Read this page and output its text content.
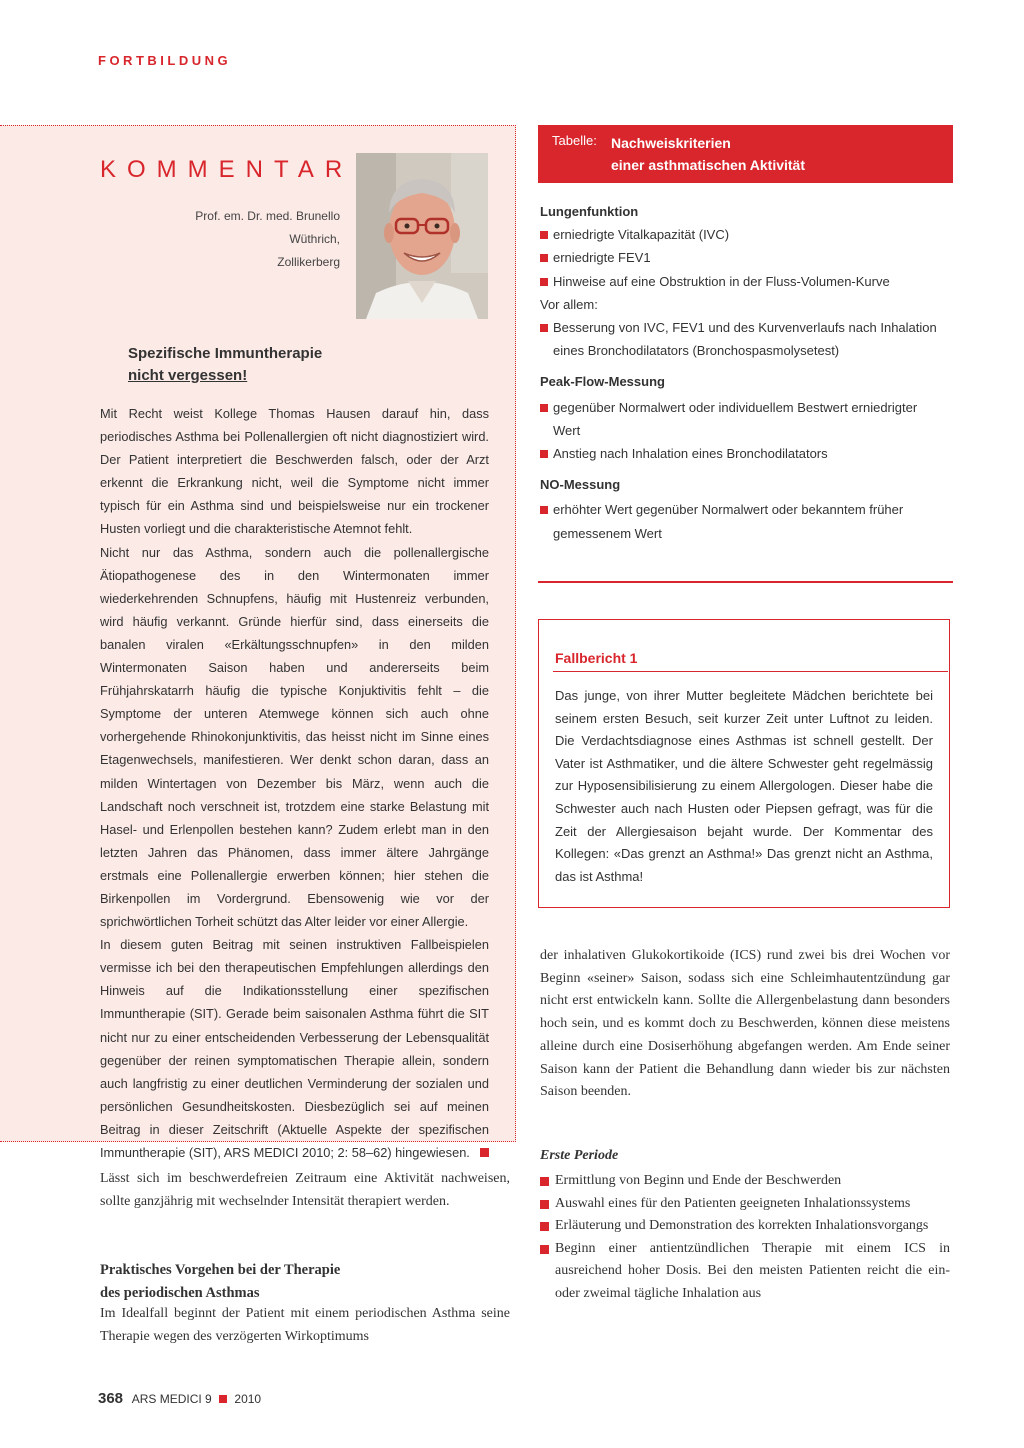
FORTBILDUNG
KOMMENTAR
Prof. em. Dr. med. Brunello Wüthrich,
Zollikerberg
Spezifische Immuntherapie
nicht vergessen!

Mit Recht weist Kollege Thomas Hausen darauf hin, dass periodisches Asthma bei Pollenallergien oft nicht diagnostiziert wird. Der Patient interpretiert die Beschwerden falsch, oder der Arzt erkennt die Erkrankung nicht, weil die Symptome nicht immer typisch für ein Asthma sind und beispielsweise nur ein trockener Husten vorliegt und die charakteristische Atemnot fehlt.

Nicht nur das Asthma, sondern auch die pollenallergische Ätiopathogenese des in den Wintermonaten immer wiederkehrenden Schnupfens, häufig mit Hustenreiz verbunden, wird häufig verkannt. Gründe hierfür sind, dass einerseits die banalen viralen «Erkältungsschnupfen» in den milden Wintermonaten Saison haben und andererseits beim Frühjahrskatarrh häufig die typische Konjuktivitis fehlt – die Symptome der unteren Atemwege können sich auch ohne vorhergehende Rhinokonjunktivitis, das heisst nicht im Sinne eines Etagenwechsels, manifestieren. Wer denkt schon daran, dass an milden Wintertagen von Dezember bis März, wenn auch die Landschaft noch verschneit ist, trotzdem eine starke Belastung mit Hasel- und Erlenpollen bestehen kann? Zudem erlebt man in den letzten Jahren das Phänomen, dass immer ältere Jahrgänge erstmals eine Pollenallergie erwerben können; hier stehen die Birkenpollen im Vordergrund. Ebensowenig wie vor der sprichwörtlichen Torheit schützt das Alter leider vor einer Allergie.

In diesem guten Beitrag mit seinen instruktiven Fallbeispielen vermisse ich bei den therapeutischen Empfehlungen allerdings den Hinweis auf die Indikationsstellung einer spezifischen Immuntherapie (SIT). Gerade beim saisonalen Asthma führt die SIT nicht nur zu einer entscheidenden Verbesserung der Lebensqualität gegenüber der reinen symptomatischen Therapie allein, sondern auch langfristig zu einer deutlichen Verminderung der sozialen und persönlichen Gesundheitskosten. Diesbezüglich sei auf meinen Beitrag in dieser Zeitschrift (Aktuelle Aspekte der spezifischen Immuntherapie (SIT), ARS MEDICI 2010; 2: 58–62) hingewiesen.

Tabelle: Nachweiskriterien
einer asthmatischen Aktivität
Lungenfunktion
erniedrigte Vitalkapazität (IVC)
erniedrigte FEV1
Hinweise auf eine Obstruktion in der Fluss-Volumen-Kurve
Vor allem:
Besserung von IVC, FEV1 und des Kurvenverlaufs nach Inhalation
eines Bronchodilatators (Bronchospasmolysetest)
Peak-Flow-Messung
gegenüber Normalwert oder individuellem Bestwert erniedrigter
Wert
Anstieg nach Inhalation eines Bronchodilatators
NO-Messung
erhöhter Wert gegenüber Normalwert oder bekanntem früher
gemessenem Wert
Fallbericht 1
Das junge, von ihrer Mutter begleitete Mädchen berichtete bei seinem ersten Besuch, seit kurzer Zeit unter Luftnot zu leiden. Die Verdachtsdiagnose eines Asthmas ist schnell gestellt. Der Vater ist Asthmatiker, und die ältere Schwester geht regelmässig zur Hyposensibilisierung zu einem Allergologen. Dieser habe die Schwester auch nach Husten oder Piepsen gefragt, was für die Zeit der Allergiesaison bejaht wurde. Der Kommentar des Kollegen: «Das grenzt an Asthma!» Das grenzt nicht an Asthma, das ist Asthma!
der inhalativen Glukokortikoide (ICS) rund zwei bis drei Wochen vor Beginn «seiner» Saison, sodass sich eine Schleimhautentzündung gar nicht erst entwickeln kann. Sollte die Allergenbelastung dann besonders hoch sein, und es kommt doch zu Beschwerden, können diese meistens alleine durch eine Dosiserhöhung abgefangen werden. Am Ende seiner Saison kann der Patient die Behandlung dann wieder bis zur nächsten Saison beenden.
Erste Periode
Ermittlung von Beginn und Ende der Beschwerden
Auswahl eines für den Patienten geeigneten Inhalationssystems
Erläuterung und Demonstration des korrekten Inhalationsvorgangs
Beginn einer antientzündlichen Therapie mit einem ICS in ausreichend hoher Dosis. Bei den meisten Patienten reicht die ein- oder zweimal tägliche Inhalation aus
Lässt sich im beschwerdefreien Zeitraum eine Aktivität nachweisen, sollte ganzjährig mit wechselnder Intensität therapiert werden.
Praktisches Vorgehen bei der Therapie
des periodischen Asthmas
Im Idealfall beginnt der Patient mit einem periodischen Asthma seine Therapie wegen des verzögerten Wirkoptimums
368 ARS MEDICI 9 2010
